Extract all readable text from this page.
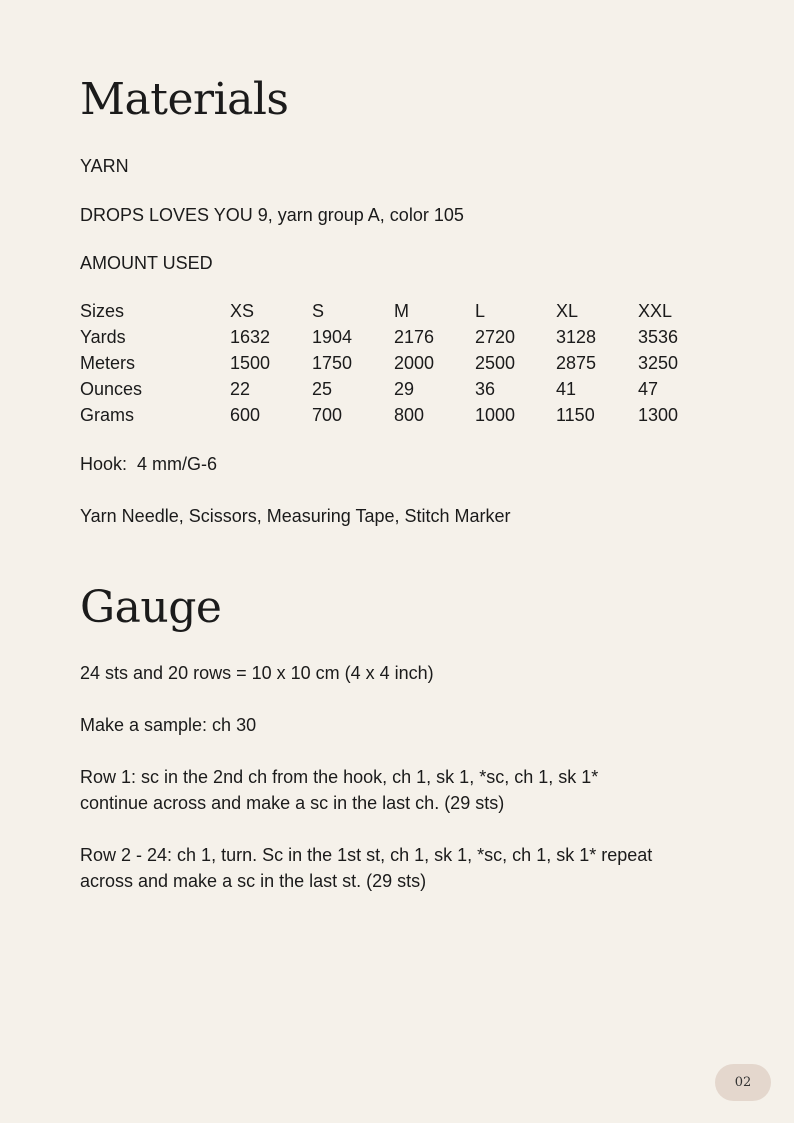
Materials
YARN
DROPS LOVES YOU 9, yarn group A, color 105
AMOUNT USED
Sizes	XS	S	M	L	XL	XXL
Yards	1632	1904	2176	2720	3128	3536
Meters	1500	1750	2000	2500	2875	3250
Ounces	22	25	29	36	41	47
Grams	600	700	800	1000	1150	1300
Hook:  4 mm/G-6
Yarn Needle, Scissors, Measuring Tape, Stitch Marker
Gauge
24 sts and 20 rows = 10 x 10 cm (4 x 4 inch)
Make a sample: ch 30
Row 1: sc in the 2nd ch from the hook, ch 1, sk 1, *sc, ch 1, sk 1*
continue across and make a sc in the last ch. (29 sts)
Row 2 - 24: ch 1, turn. Sc in the 1st st, ch 1, sk 1, *sc, ch 1, sk 1* repeat
across and make a sc in the last st. (29 sts)
02
